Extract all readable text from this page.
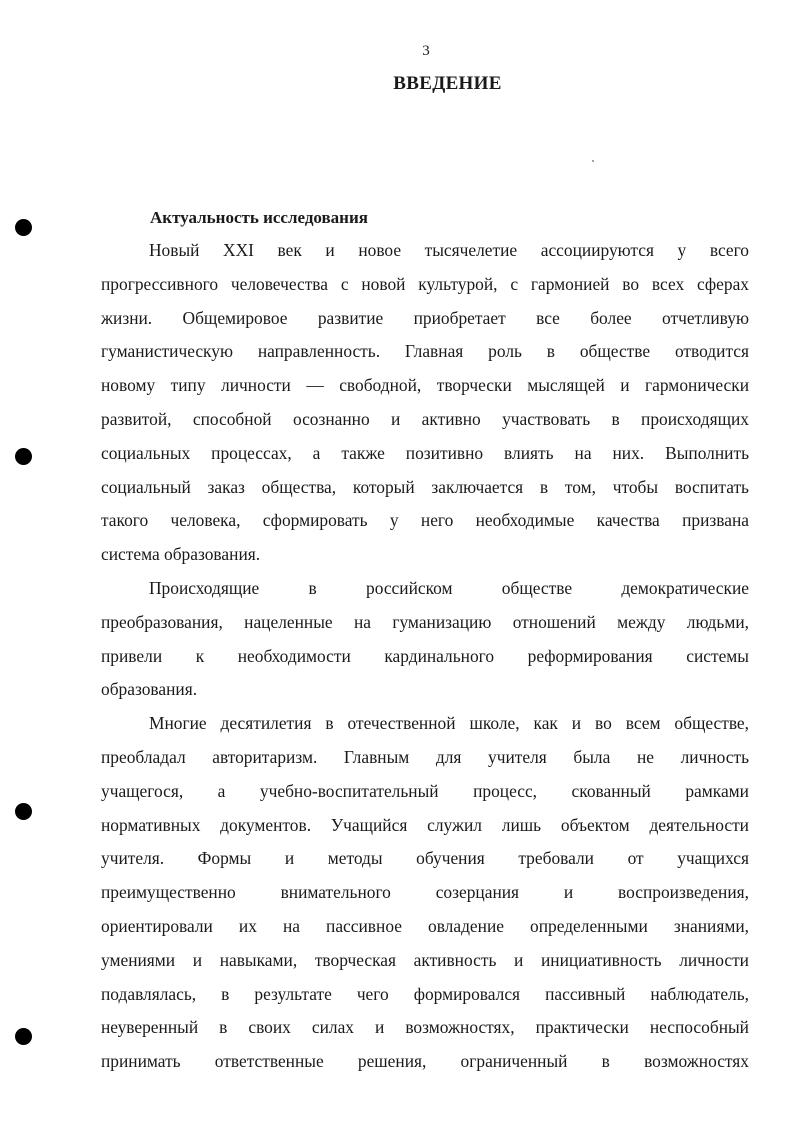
3
ВВЕДЕНИЕ
Актуальность исследования
Новый XXI век и новое тысячелетие ассоциируются у всего
прогрессивного человечества с новой культурой, с гармонией во всех сферах
жизни. Общемировое развитие приобретает все более отчетливую
гуманистическую направленность. Главная роль в обществе отводится
новому типу личности — свободной, творчески мыслящей и гармонически
развитой, способной осознанно и активно участвовать в происходящих
социальных процессах, а также позитивно влиять на них. Выполнить
социальный заказ общества, который заключается в том, чтобы воспитать
такого человека, сформировать у него необходимые качества призвана
система образования.
Происходящие в российском обществе демократические
преобразования, нацеленные на гуманизацию отношений между людьми,
привели к необходимости кардинального реформирования системы
образования.
Многие десятилетия в отечественной школе, как и во всем обществе,
преобладал авторитаризм. Главным для учителя была не личность
учащегося, а учебно-воспитательный процесс, скованный рамками
нормативных документов. Учащийся служил лишь объектом деятельности
учителя. Формы и методы обучения требовали от учащихся
преимущественно внимательного созерцания и воспроизведения,
ориентировали их на пассивное овладение определенными знаниями,
умениями и навыками, творческая активность и инициативность личности
подавлялась, в результате чего формировался пассивный наблюдатель,
неуверенный в своих силах и возможностях, практически неспособный
принимать ответственные решения, ограниченный в возможностях
